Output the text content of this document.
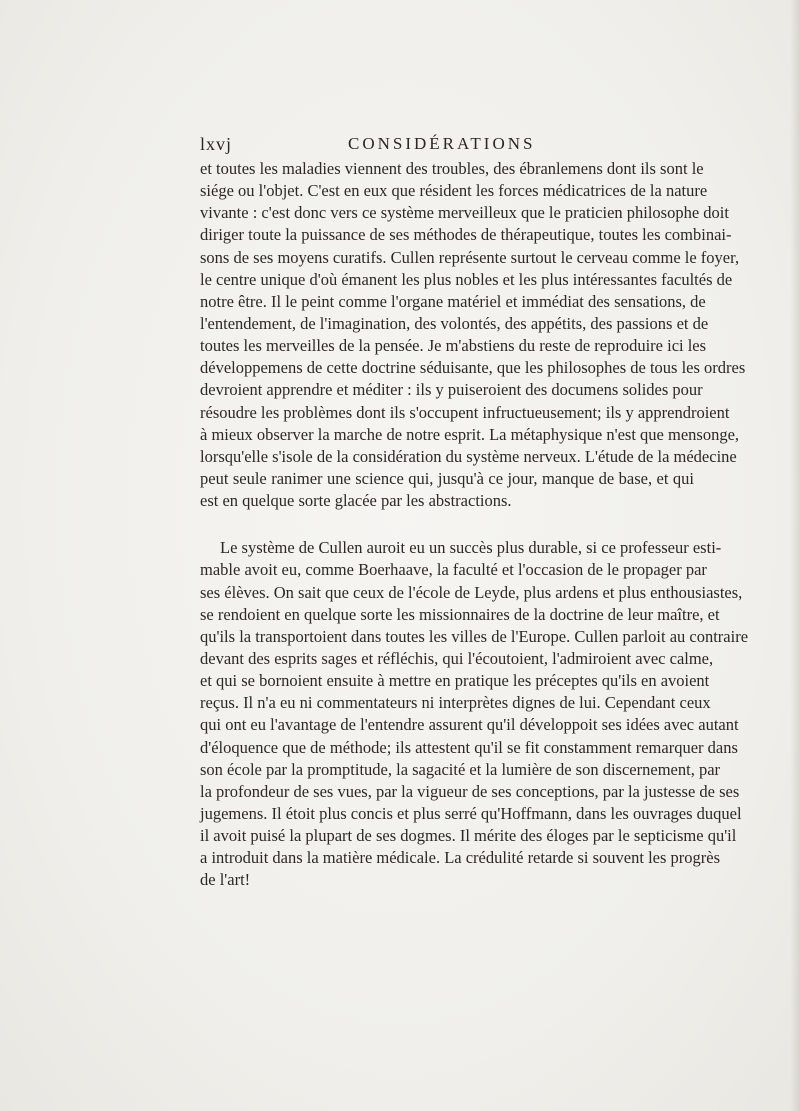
lxvj	CONSIDÉRATIONS

et toutes les maladies viennent des troubles, des ébranlemens dont ils sont le
siége ou l'objet. C'est en eux que résident les forces médicatrices de la nature
vivante : c'est donc vers ce système merveilleux que le praticien philosophe doit
diriger toute la puissance de ses méthodes de thérapeutique, toutes les combinai-
sons de ses moyens curatifs. Cullen représente surtout le cerveau comme le foyer,
le centre unique d'où émanent les plus nobles et les plus intéressantes facultés de
notre être. Il le peint comme l'organe matériel et immédiat des sensations, de
l'entendement, de l'imagination, des volontés, des appétits, des passions et de
toutes les merveilles de la pensée. Je m'abstiens du reste de reproduire ici les
développemens de cette doctrine séduisante, que les philosophes de tous les ordres
devroient apprendre et méditer : ils y puiseroient des documens solides pour
résoudre les problèmes dont ils s'occupent infructueusement; ils y apprendroient
à mieux observer la marche de notre esprit. La métaphysique n'est que mensonge,
lorsqu'elle s'isole de la considération du système nerveux. L'étude de la médecine
peut seule ranimer une science qui, jusqu'à ce jour, manque de base, et qui
est en quelque sorte glacée par les abstractions.

Le système de Cullen auroit eu un succès plus durable, si ce professeur esti-
mable avoit eu, comme Boerhaave, la faculté et l'occasion de le propager par
ses élèves. On sait que ceux de l'école de Leyde, plus ardens et plus enthousiastes,
se rendoient en quelque sorte les missionnaires de la doctrine de leur maître, et
qu'ils la transportoient dans toutes les villes de l'Europe. Cullen parloit au contraire
devant des esprits sages et réfléchis, qui l'écoutoient, l'admiroient avec calme,
et qui se bornoient ensuite à mettre en pratique les préceptes qu'ils en avoient
reçus. Il n'a eu ni commentateurs ni interprètes dignes de lui. Cependant ceux
qui ont eu l'avantage de l'entendre assurent qu'il développoit ses idées avec autant
d'éloquence que de méthode; ils attestent qu'il se fit constamment remarquer dans
son école par la promptitude, la sagacité et la lumière de son discernement, par
la profondeur de ses vues, par la vigueur de ses conceptions, par la justesse de ses
jugemens. Il étoit plus concis et plus serré qu'Hoffmann, dans les ouvrages duquel
il avoit puisé la plupart de ses dogmes. Il mérite des éloges par le septicisme qu'il
a introduit dans la matière médicale. La crédulité retarde si souvent les progrès
de l'art!
